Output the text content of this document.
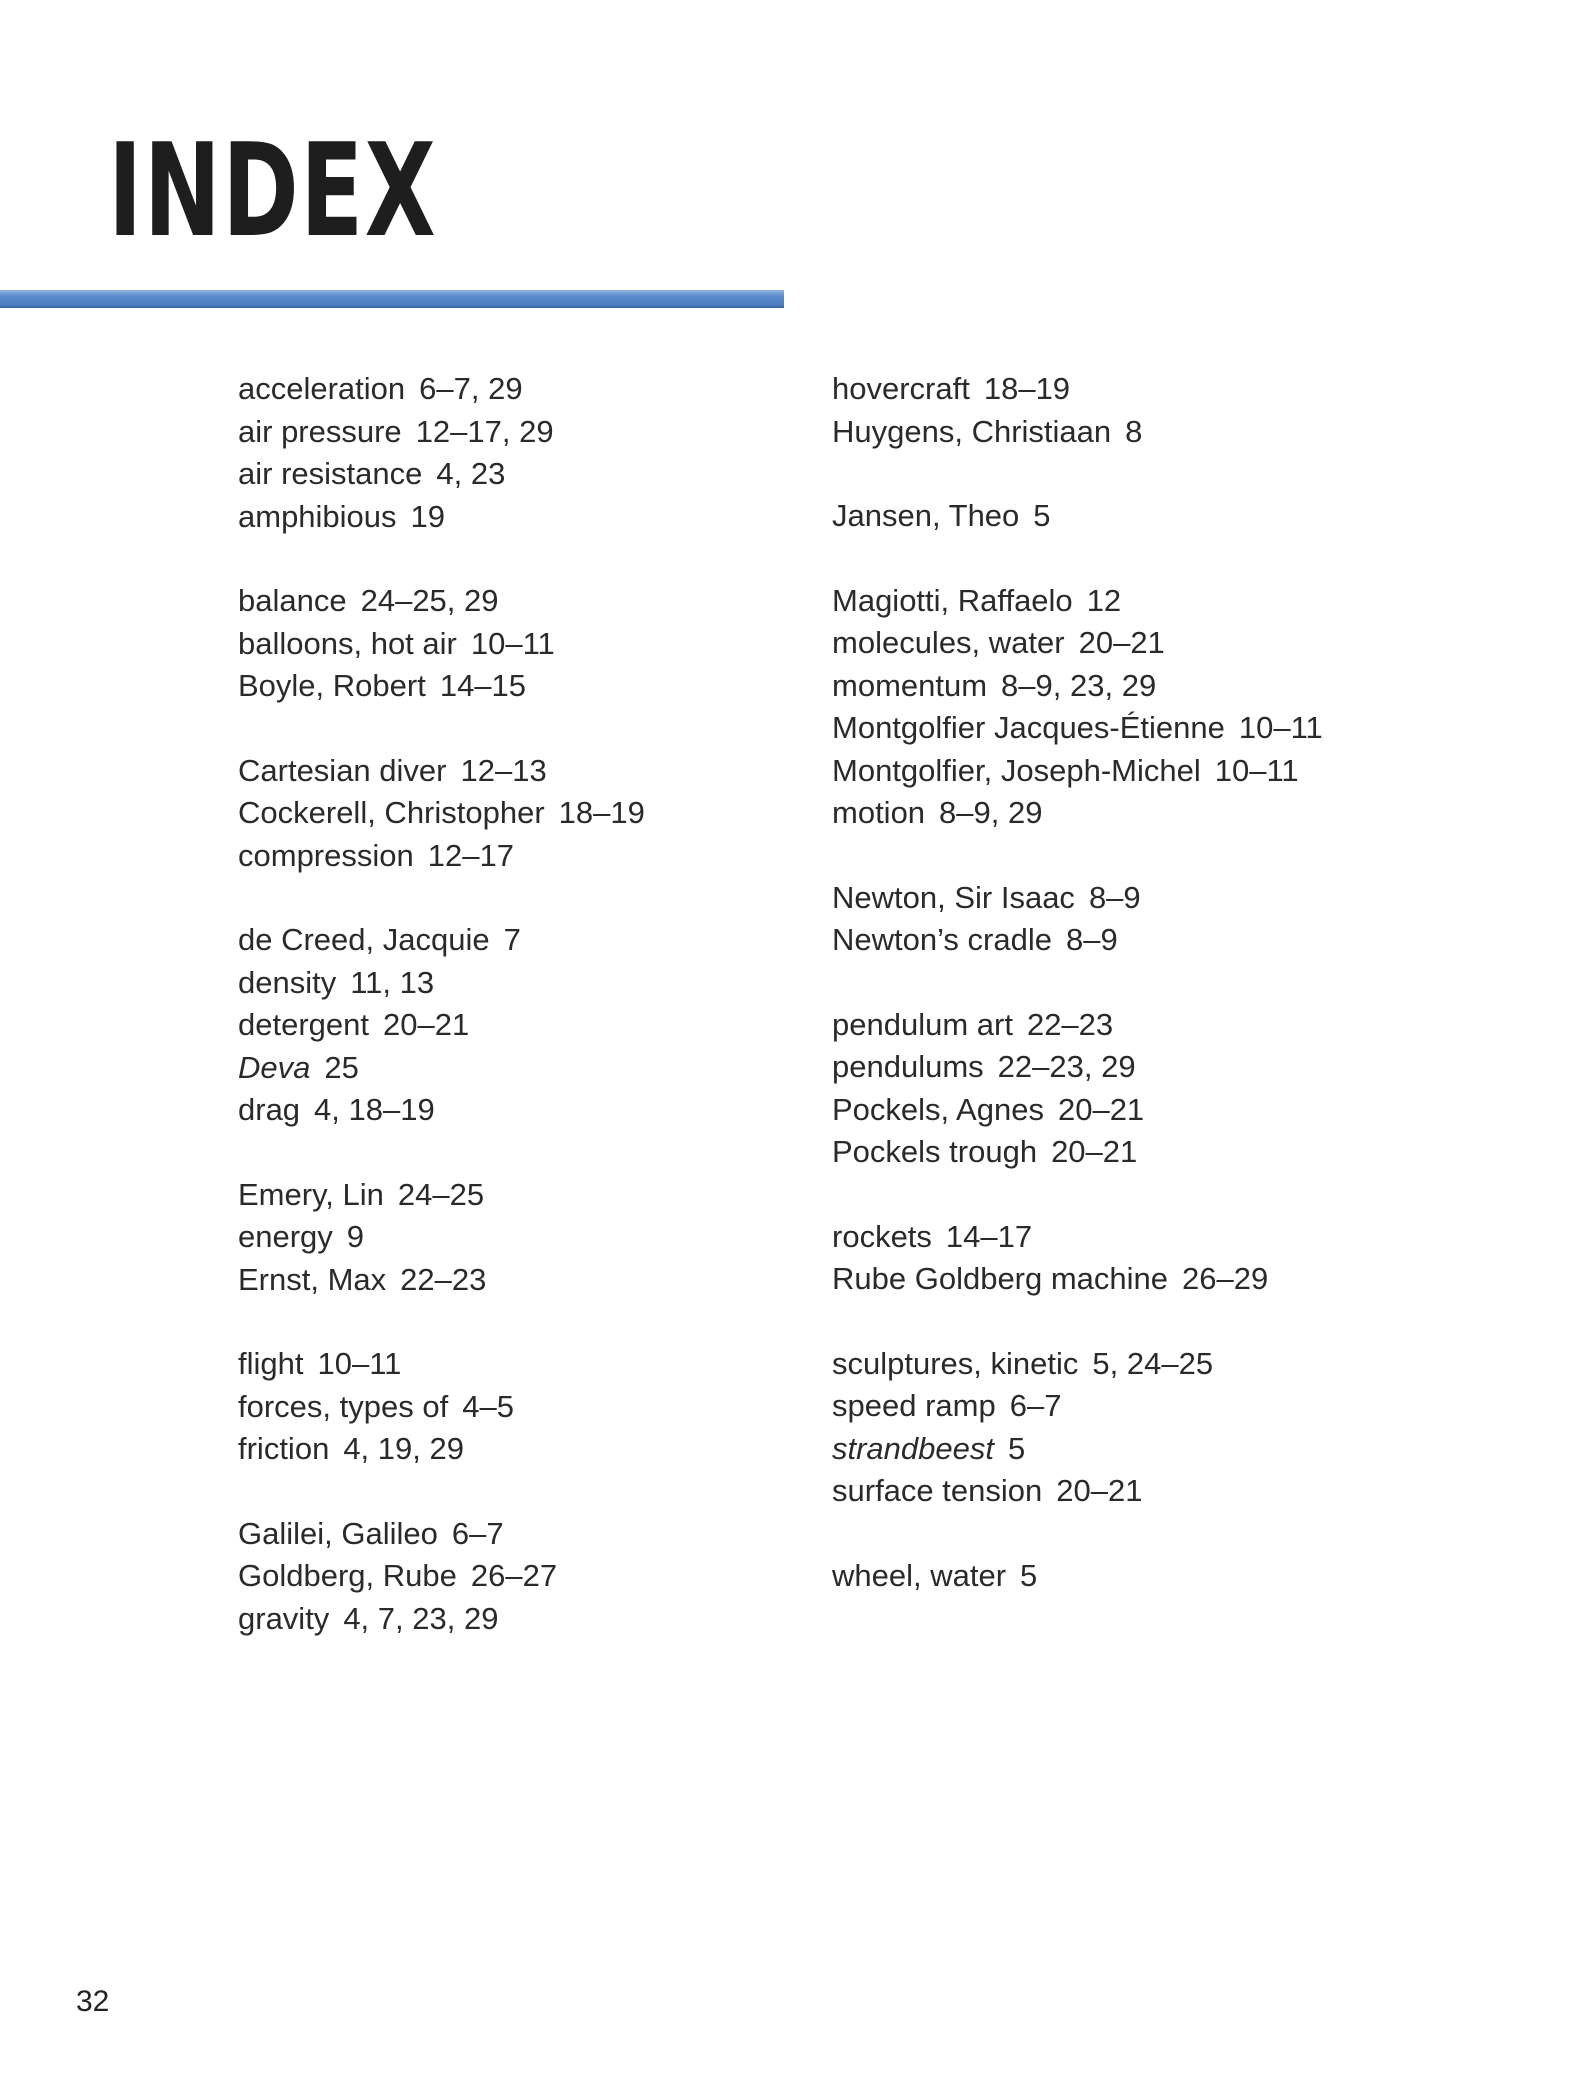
INDEX
acceleration 6–7, 29
air pressure 12–17, 29
air resistance 4, 23
amphibious 19
balance 24–25, 29
balloons, hot air 10–11
Boyle, Robert 14–15
Cartesian diver 12–13
Cockerell, Christopher 18–19
compression 12–17
de Creed, Jacquie 7
density 11, 13
detergent 20–21
Deva 25
drag 4, 18–19
Emery, Lin 24–25
energy 9
Ernst, Max 22–23
flight 10–11
forces, types of 4–5
friction 4, 19, 29
Galilei, Galileo 6–7
Goldberg, Rube 26–27
gravity 4, 7, 23, 29
hovercraft 18–19
Huygens, Christiaan 8
Jansen, Theo 5
Magiotti, Raffaelo 12
molecules, water 20–21
momentum 8–9, 23, 29
Montgolfier Jacques-Étienne 10–11
Montgolfier, Joseph-Michel 10–11
motion 8–9, 29
Newton, Sir Isaac 8–9
Newton’s cradle 8–9
pendulum art 22–23
pendulums 22–23, 29
Pockels, Agnes 20–21
Pockels trough 20–21
rockets 14–17
Rube Goldberg machine 26–29
sculptures, kinetic 5, 24–25
speed ramp 6–7
strandbeest 5
surface tension 20–21
wheel, water 5
32
